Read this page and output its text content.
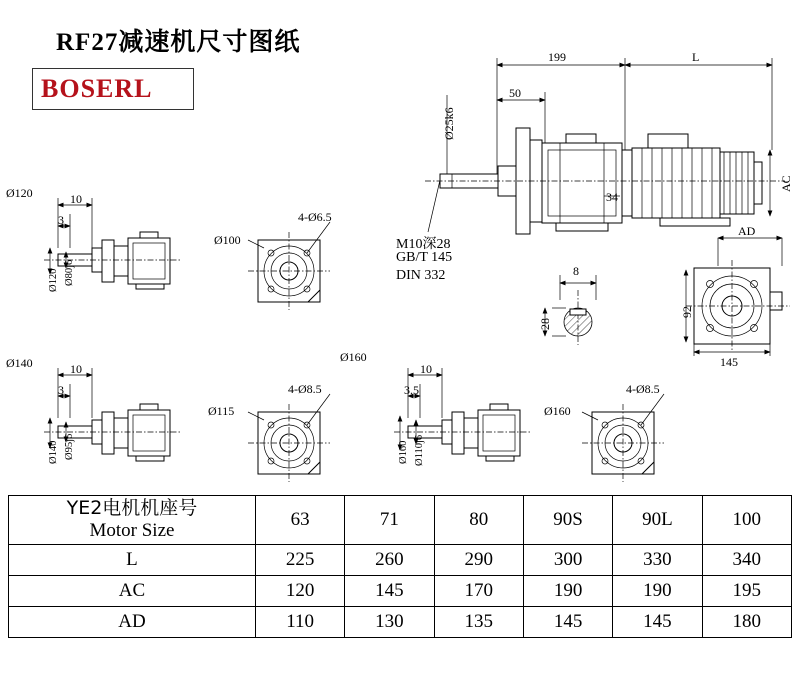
RF27减速机尺寸图纸
BOSERL
199	L
50
Ø25k6
34
AC
AD
M10深28
GB/T 145
DIN 332	8
28
92
145
Ø120	10
3
Ø80j6
Ø120
Ø100
4-Ø6.5
Ø140	10
3
Ø95j6
Ø140
Ø115
4-Ø8.5
Ø160
10
3.5
Ø110j6
Ø160
Ø160
4-Ø8.5
YE2电机机座号
Motor Size	63	71	80	90S	90L	100
L	225	260	290	300	330	340
AC	120	145	170	190	190	195
AD	110	130	135	145	145	180
